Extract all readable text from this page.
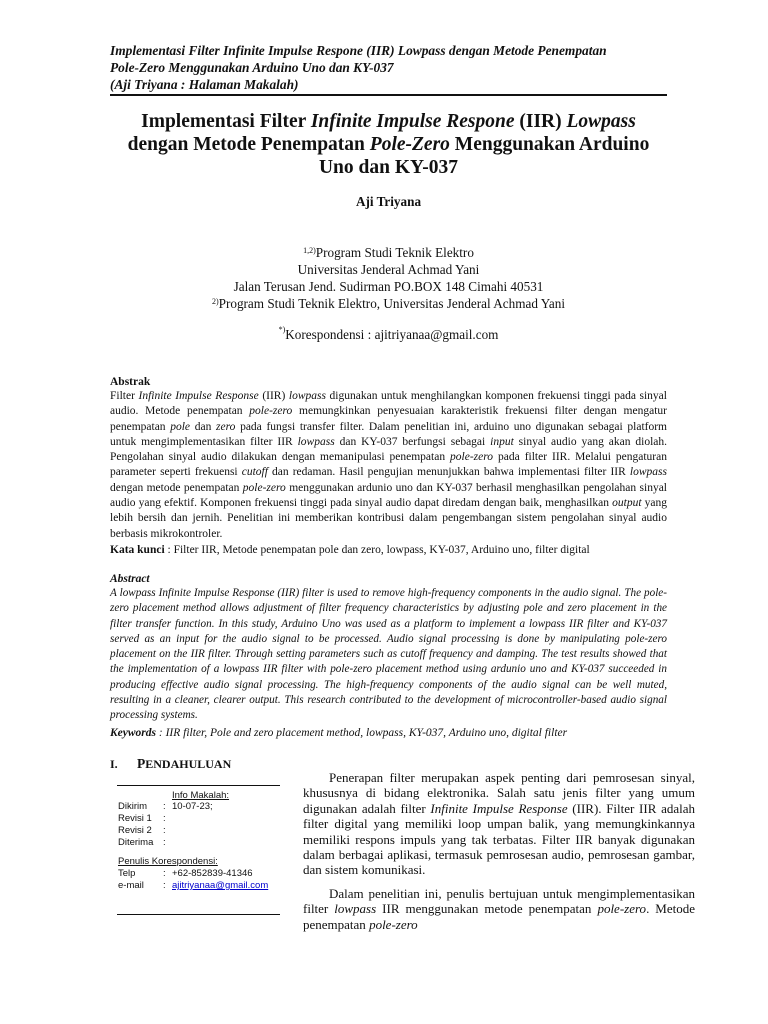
Implementasi Filter Infinite Impulse Respone (IIR) Lowpass dengan Metode Penempatan
Pole-Zero Menggunakan Arduino Uno dan KY-037
(Aji Triyana : Halaman Makalah)
Implementasi Filter Infinite Impulse Respone (IIR) Lowpass
dengan Metode Penempatan Pole-Zero Menggunakan Arduino
Uno dan KY-037
Aji Triyana
$^{1,2)}$Program Studi Teknik Elektro
Universitas Jenderal Achmad Yani
Jalan Terusan Jend. Sudirman PO.BOX 148 Cimahi 40531
$^{2)}$Program Studi Teknik Elektro, Universitas Jenderal Achmad Yani
*)Korespondensi : ajitriyanaa@gmail.com
Abstrak
Filter Infinite Impulse Response (IIR) lowpass digunakan untuk menghilangkan komponen frekuensi tinggi pada sinyal audio. Metode penempatan pole-zero memungkinkan penyesuaian karakteristik frekuensi filter dengan mengatur penempatan pole dan zero pada fungsi transfer filter. Dalam penelitian ini, arduino uno digunakan sebagai platform untuk mengimplementasikan filter IIR lowpass dan KY-037 berfungsi sebagai input sinyal audio yang akan diolah. Pengolahan sinyal audio dilakukan dengan memanipulasi penempatan pole-zero pada filter IIR. Melalui pengaturan parameter seperti frekuensi cutoff dan redaman. Hasil pengujian menunjukkan bahwa implementasi filter IIR lowpass dengan metode penempatan pole-zero menggunakan ardunio uno dan KY-037 berhasil menghasilkan pengolahan sinyal audio yang efektif. Komponen frekuensi tinggi pada sinyal audio dapat diredam dengan baik, menghasilkan output yang lebih bersih dan jernih. Penelitian ini memberikan kontribusi dalam pengembangan sistem pengolahan sinyal audio berbasis mikrokontroler.
Kata kunci : Filter IIR, Metode penempatan pole dan zero, lowpass, KY-037, Arduino uno, filter digital
Abstract
A lowpass Infinite Impulse Response (IIR) filter is used to remove high-frequency components in the audio signal. The pole-zero placement method allows adjustment of filter frequency characteristics by adjusting pole and zero placement in the filter transfer function. In this study, Arduino Uno was used as a platform to implement a lowpass IIR filter and KY-037 served as an input for the audio signal to be processed. Audio signal processing is done by manipulating pole-zero placement on the IIR filter. Through setting parameters such as cutoff frequency and damping. The test results showed that the implementation of a lowpass IIR filter with pole-zero placement method using ardunio uno and KY-037 succeeded in producing effective audio signal processing. The high-frequency components of the audio signal can be well muted, resulting in a cleaner, clearer output. This research contributed to the development of microcontroller-based audio signal processing systems.
Keywords : IIR filter, Pole and zero placement method, lowpass, KY-037, Arduino uno, digital filter
I. PENDAHULUAN
Info Makalah:
Dikirim : 10-07-23;
Revisi 1 :
Revisi 2 :
Diterima :
Penulis Korespondensi:
Telp	: +62-852839-41346
e-mail : ajitriyanaa@gmail.com

Penerapan filter merupakan aspek penting dari pemrosesan sinyal, khususnya di bidang elektronika. Salah satu jenis filter yang umum digunakan adalah filter Infinite Impulse Response (IIR). Filter IIR adalah filter digital yang memiliki loop umpan balik, yang memungkinkannya memiliki respons impuls yang tak terbatas. Filter IIR banyak digunakan dalam berbagai aplikasi, termasuk pemrosesan audio, pemrosesan gambar, dan sistem komunikasi.

Dalam penelitian ini, penulis bertujuan untuk mengimplementasikan filter lowpass IIR menggunakan metode penempatan pole-zero. Metode penempatan pole-zero
